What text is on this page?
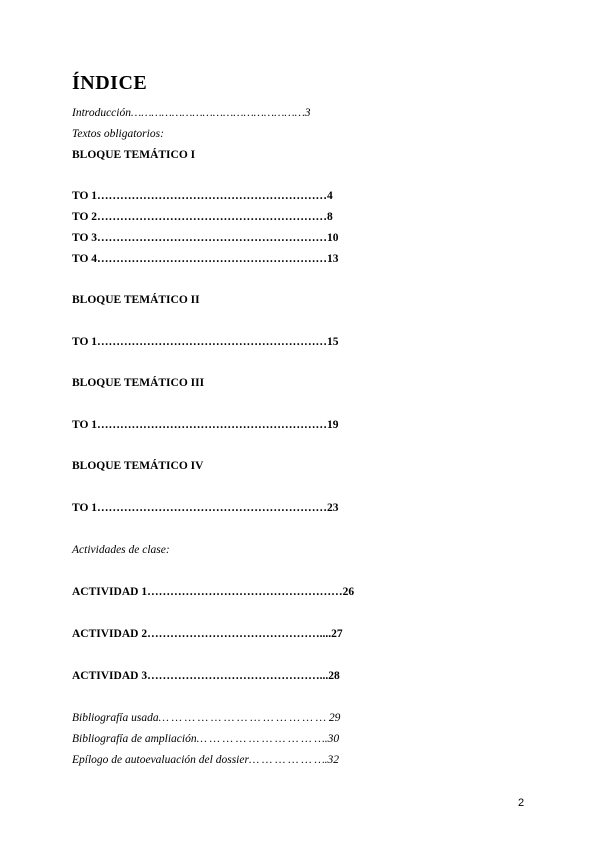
ÍNDICE
Introducción……………………………………………3
Textos obligatorios:
BLOQUE TEMÁTICO I
TO 1……………………………………………………4
TO 2……………………………………………………8
TO 3……………………………………………………10
TO 4……………………………………………………13
BLOQUE TEMÁTICO II
TO 1……………………………………………………15
BLOQUE TEMÁTICO III
TO 1……………………………………………………19
BLOQUE TEMÁTICO IV
TO 1……………………………………………………23
Actividades de clase:
ACTIVIDAD 1……………………………………………26
ACTIVIDAD 2………………………………………....27
ACTIVIDAD 3………………………………………...28
Bibliografía usada… … … … … … … … … … … … … 29
Bibliografía de ampliación… … … … … … … … … ….30
Epílogo de autoevaluación del dossier… … … … … ….32
2
